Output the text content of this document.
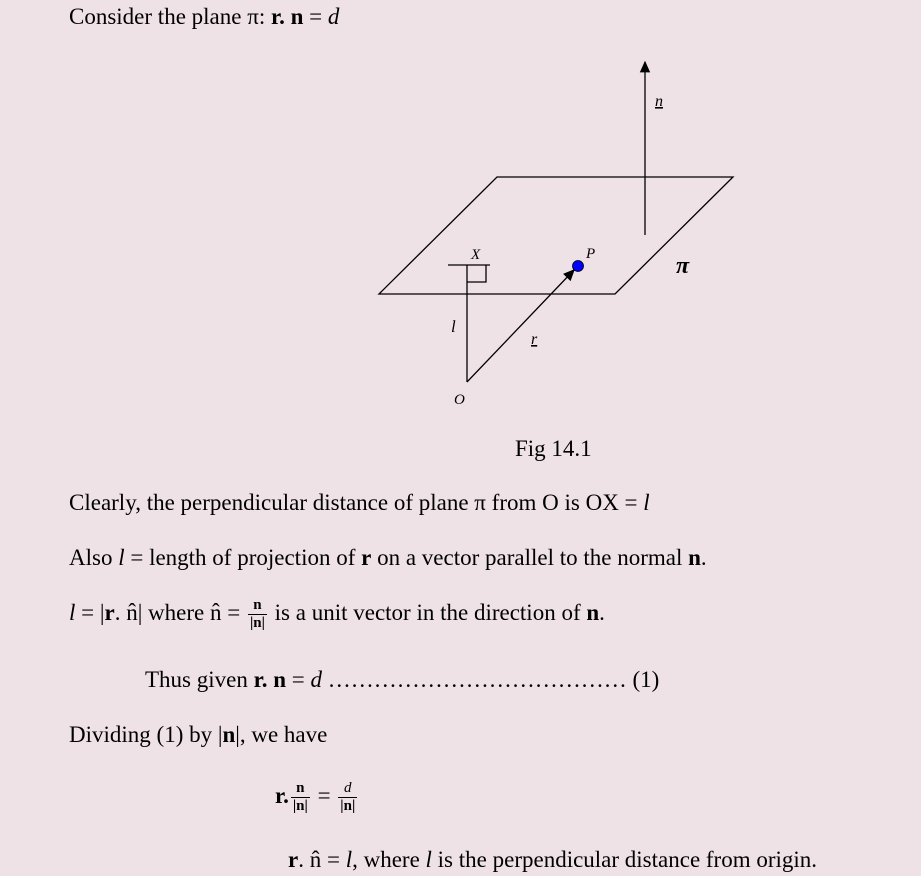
Consider the plane π: r. n = d
n
X	P	π
l
r
O
Fig 14.1
Clearly, the perpendicular distance of plane π from O is OX = l
Also l = length of projection of r on a vector parallel to the normal n.
l = |r. n̂| where n̂ = $\frac{n}{|n|}$ is a unit vector in the direction of n.
Thus given r. n = d ………………………………… (1)
Dividing (1) by |n|, we have
r. $\frac{n}{|n|} = \frac{d}{|n|}$
r. n̂ = l, where l is the perpendicular distance from origin.
